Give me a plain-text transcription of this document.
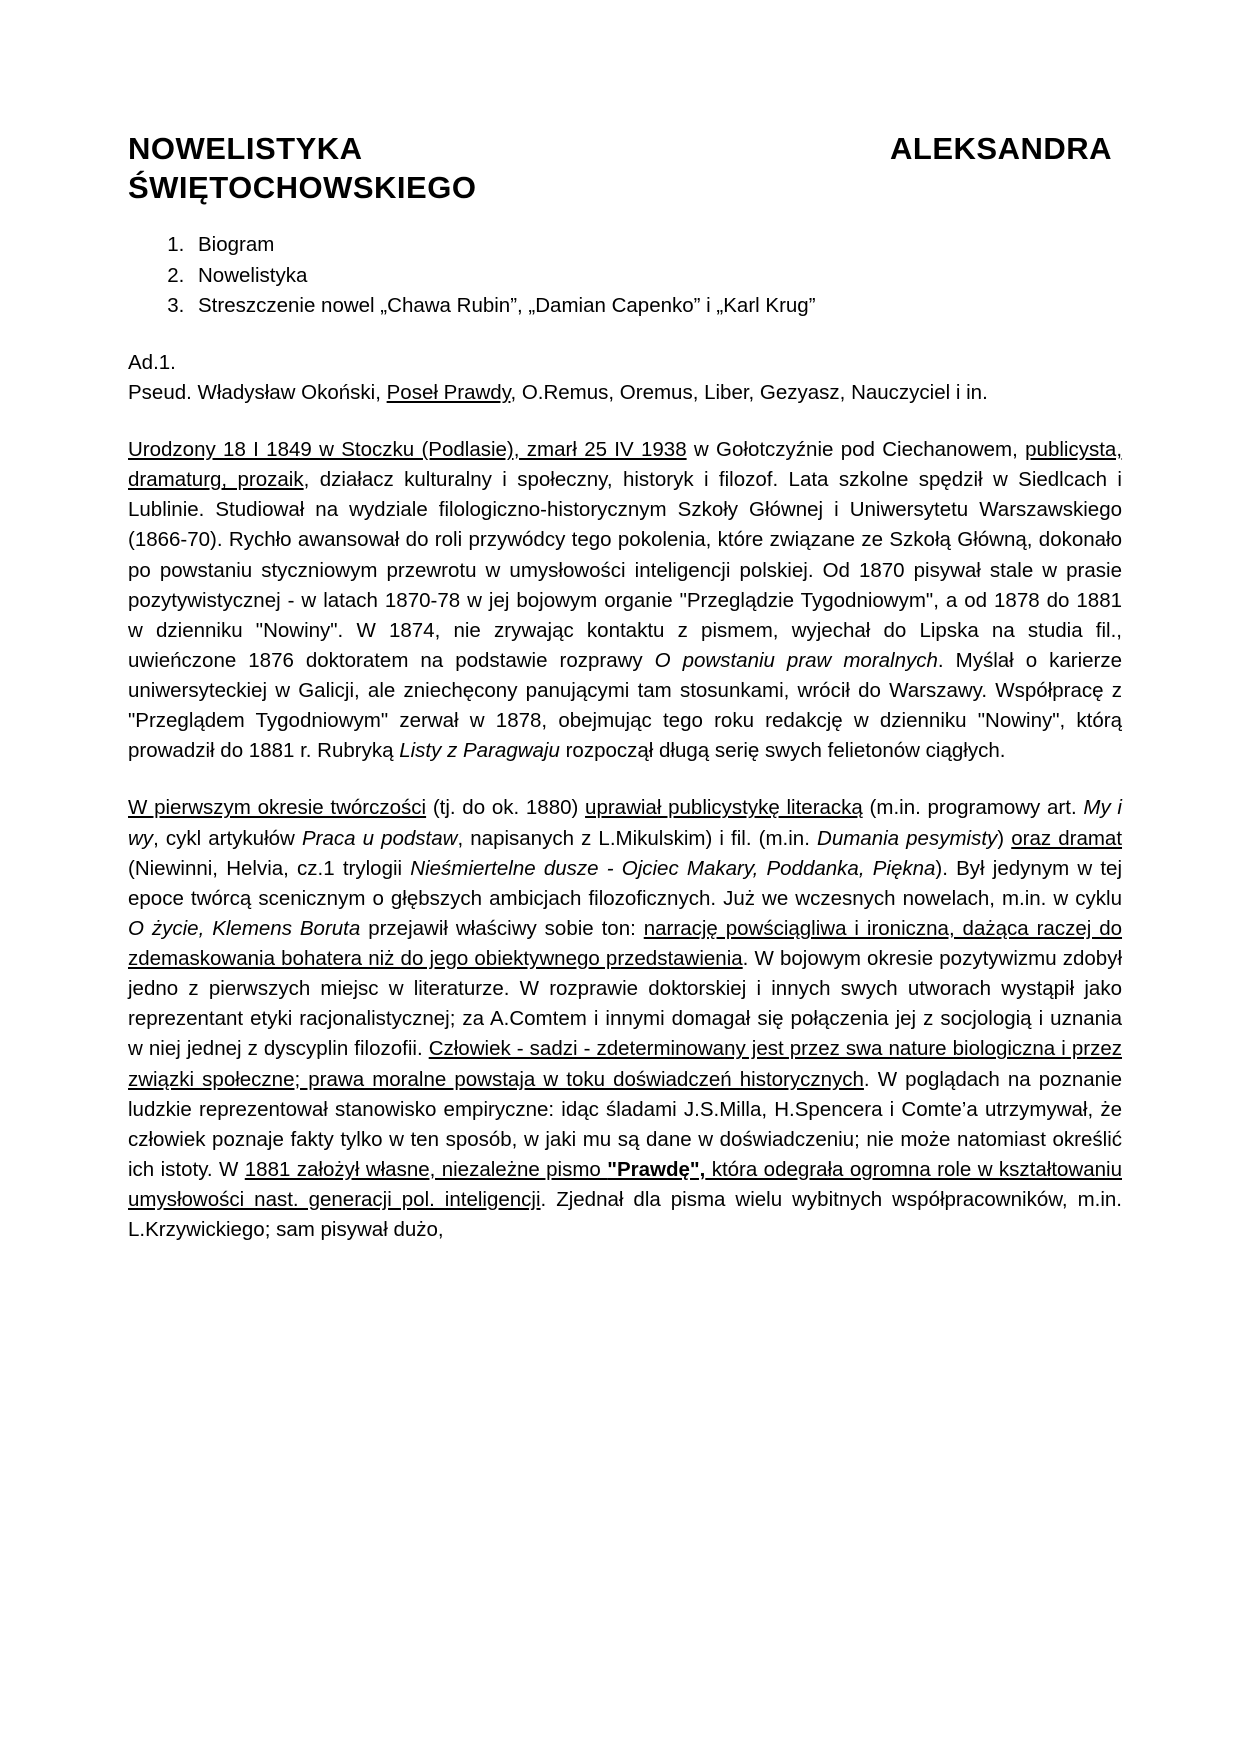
NOWELISTYKA	ALEKSANDRA
ŚWIĘTOCHOWSKIEGO
1. Biogram
2. Nowelistyka
3. Streszczenie nowel „Chawa Rubin”, „Damian Capenko” i „Karl Krug”

Ad.1.

Pseud. Władysław Okoński, Poseł Prawdy, O.Remus, Oremus, Liber, Gezyasz, Nauczyciel i in.

Urodzony 18 I 1849 w Stoczku (Podlasie), zmarł 25 IV 1938 w Gołotczyźnie pod Ciechanowem, publicysta, dramaturg, prozaik, działacz kulturalny i społeczny, historyk i filozof. Lata szkolne spędził w Siedlcach i Lublinie. Studiował na wydziale filologiczno-historycznym Szkoły Głównej i Uniwersytetu Warszawskiego (1866-70). Rychło awansował do roli przywódcy tego pokolenia, które związane ze Szkołą Główną, dokonało po powstaniu styczniowym przewrotu w umysłowości inteligencji polskiej. Od 1870 pisywał stale w prasie pozytywistycznej - w latach 1870-78 w jej bojowym organie "Przeglądzie Tygodniowym", a od 1878 do 1881 w dzienniku "Nowiny". W 1874, nie zrywając kontaktu z pismem, wyjechał do Lipska na studia fil., uwieńczone 1876 doktoratem na podstawie rozprawy O powstaniu praw moralnych. Myślał o karierze uniwersyteckiej w Galicji, ale zniechęcony panującymi tam stosunkami, wrócił do Warszawy. Współpracę z "Przeglądem Tygodniowym" zerwał w 1878, obejmując tego roku redakcję w dzienniku "Nowiny", którą prowadził do 1881 r. Rubryką Listy z Paragwaju rozpoczął długą serię swych felietonów ciągłych.

W pierwszym okresie twórczości (tj. do ok. 1880) uprawiał publicystykę literacką (m.in. programowy art. My i wy, cykl artykułów Praca u podstaw, napisanych z L.Mikulskim) i fil. (m.in. Dumania pesymisty) oraz dramat (Niewinni, Helvia, cz.1 trylogii Nieśmiertelne dusze - Ojciec Makary, Poddanka, Piękna). Był jedynym w tej epoce twórcą scenicznym o głębszych ambicjach filozoficznych. Już we wczesnych nowelach, m.in. w cyklu O życie, Klemens Boruta przejawił właściwy sobie ton: narrację powściągliwa i ironiczna, dażąca raczej do zdemaskowania bohatera niż do jego obiektywnego przedstawienia. W bojowym okresie pozytywizmu zdobył jedno z pierwszych miejsc w literaturze. W rozprawie doktorskiej i innych swych utworach wystąpił jako reprezentant etyki racjonalistycznej; za A.Comtem i innymi domagał się połączenia jej z socjologią i uznania w niej jednej z dyscyplin filozofii. Człowiek - sadzi - zdeterminowany jest przez swa nature biologiczna i przez związki społeczne; prawa moralne powstaja w toku doświadczeń historycznych. W poglądach na poznanie ludzkie reprezentował stanowisko empiryczne: idąc śladami J.S.Milla, H.Spencera i Comte’a utrzymywał, że człowiek poznaje fakty tylko w ten sposób, w jaki mu są dane w doświadczeniu; nie może natomiast określić ich istoty. W 1881 założył własne, niezależne pismo "Prawdę", która odegrała ogromna role w kształtowaniu umysłowości nast. generacji pol. inteligencji. Zjednał dla pisma wielu wybitnych współpracowników, m.in. L.Krzywickiego; sam pisywał dużo,
